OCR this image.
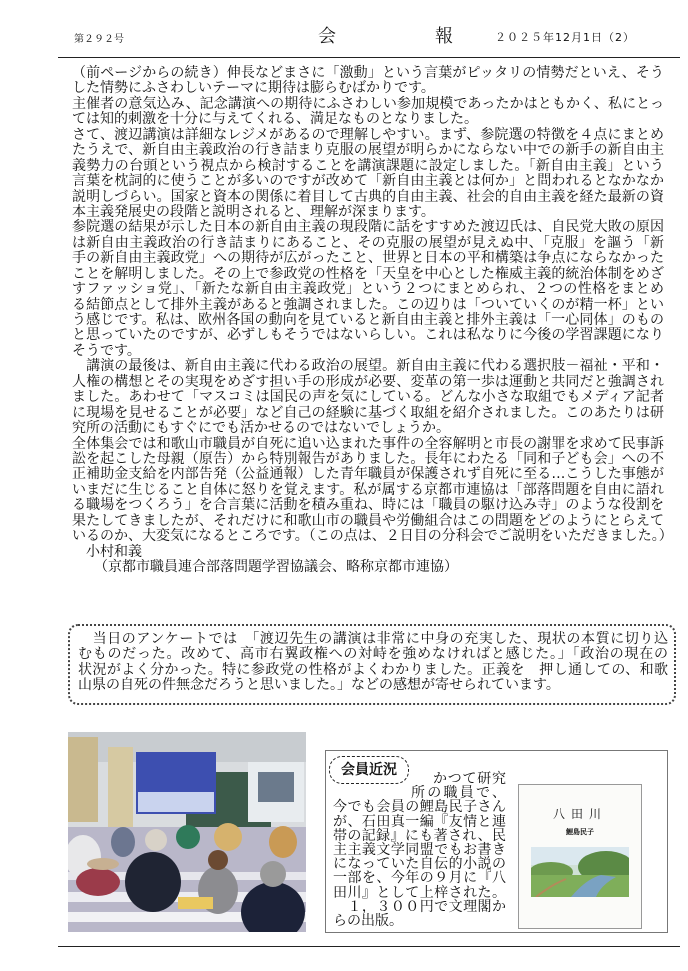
第２９２号	会	報	２０２５年12月1日（2）
（前ページからの続き）伸長などまさに「激動」という言葉がピッタリの情勢だといえ、そう
した情勢にふさわしいテーマに期待は膨らむばかりです。
主催者の意気込み、記念講演への期待にふさわしい参加規模であったかはともかく、私にとっ
ては知的刺激を十分に与えてくれる、満足なものとなりました。
さて、渡辺講演は詳細なレジメがあるので理解しやすい。まず、参院選の特徴を４点にまとめ
たうえで、新自由主義政治の行き詰まり克服の展望が明らかにならない中での新手の新自由主
義勢力の台頭という視点から検討することを講演課題に設定しました。「新自由主義」という
言葉を枕詞的に使うことが多いのですが改めて「新自由主義とは何か」と問われるとなかなか
説明しづらい。国家と資本の関係に着目して古典的自由主義、社会的自由主義を経た最新の資
本主義発展史の段階と説明されると、理解が深まります。
参院選の結果が示した日本の新自由主義の現段階に話をすすめた渡辺氏は、自民党大敗の原因
は新自由主義政治の行き詰まりにあること、その克服の展望が見えぬ中、「克服」を謳う「新
手の新自由主義政党」への期待が広がったこと、世界と日本の平和構築は争点にならなかった
ことを解明しました。その上で参政党の性格を「天皇を中心とした権威主義的統治体制をめざ
すファッショ党」、「新たな新自由主義政党」という２つにまとめられ、２つの性格をまとめ
る結節点として排外主義があると強調されました。この辺りは「ついていくのが精一杯」とい
う感じです。私は、欧州各国の動向を見ていると新自由主義と排外主義は「一心同体」のもの
と思っていたのですが、必ずしもそうではないらしい。これは私なりに今後の学習課題になり
そうです。
　講演の最後は、新自由主義に代わる政治の展望。新自由主義に代わる選択肢－福祉・平和・
人権の構想とその実現をめざす担い手の形成が必要、変革の第一歩は運動と共同だと強調され
ました。あわせて「マスコミは国民の声を気にしている。どんな小さな取組でもメディア記者
に現場を見せることが必要」など自己の経験に基づく取組を紹介されました。このあたりは研
究所の活動にもすぐにでも活かせるのではないでしょうか。
全体集会では和歌山市職員が自死に追い込まれた事件の全容解明と市長の謝罪を求めて民事訴
訟を起こした母親（原告）から特別報告がありました。長年にわたる「同和子ども会」への不
正補助金支給を内部告発（公益通報）した青年職員が保護されず自死に至る…こうした事態が
いまだに生じること自体に怒りを覚えます。私が属する京都市連協は「部落問題を自由に語れ
る職場をつくろう」を合言葉に活動を積み重ね、時には「職員の駆け込み寺」のような役割を
果たしてきましたが、それだけに和歌山市の職員や労働組合はこの問題をどのようにとらえて
いるのか、大変気になるところです。（この点は、２日目の分科会でご説明をいただきました。）
小村和義
（京都市職員連合部落問題学習協議会、略称京都市連協）
　当日のアンケートでは　「渡辺先生の講演は非常に中身の充実した、現状の本質に切り込
むものだった。改めて、高市右翼政権への対峙を強めなければと感じた。」「政治の現在の
状況がよく分かった。特に参政党の性格がよくわかりました。正義を　押し通しての、和歌
山県の自死の件無念だろうと思いました。」などの感想が寄せられています。
会員近況
かつて研究
所の職員で、
今でも会員の鯉島民子さん
が、石田真一編『友情と連
帯の記録』にも著され、民
主主義文学同盟でもお書き
になっていた自伝的小説の
一部を、今年の９月に『八
田川』として上梓された。
　１，３００円で文理閣か
らの出版。
八田川
鯉島民子
